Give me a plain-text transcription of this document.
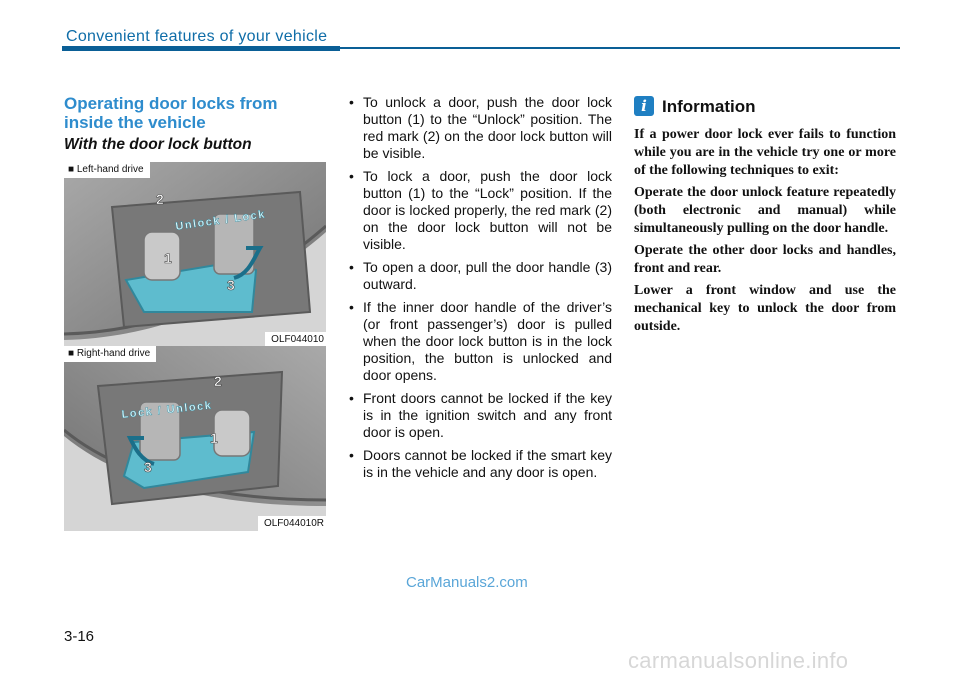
Convenient features of your vehicle
Operating door locks from inside the vehicle
With the door lock button
2
1
3
Unlock / Lock
■ Left-hand drive
OLF044010
2
1
3
Lock / Unlock
■ Right-hand drive
OLF044010R
• To unlock a door, push the door lock button (1) to the “Unlock” position. The red mark (2) on the door lock button will be visible.
• To lock a door, push the door lock button (1) to the “Lock” position. If the door is locked properly, the red mark (2) on the door lock button will not be visible.
• To open a door, pull the door handle (3) outward.
• If the inner door handle of the driver’s (or front passenger’s) door is pulled when the door lock button is in the lock position, the button is unlocked and door opens.
• Front doors cannot be locked if the key is in the ignition switch and any front door is open.
• Doors cannot be locked if the smart key is in the vehicle and any door is open.
i Information

If a power door lock ever fails to function while you are in the vehicle try one or more of the following techniques to exit:

Operate the door unlock feature repeatedly (both electronic and manual) while simultaneously pulling on the door handle.

Operate the other door locks and handles, front and rear.

Lower a front window and use the mechanical key to unlock the door from outside.

CarManuals2.com
3-16
carmanualsonline.info
